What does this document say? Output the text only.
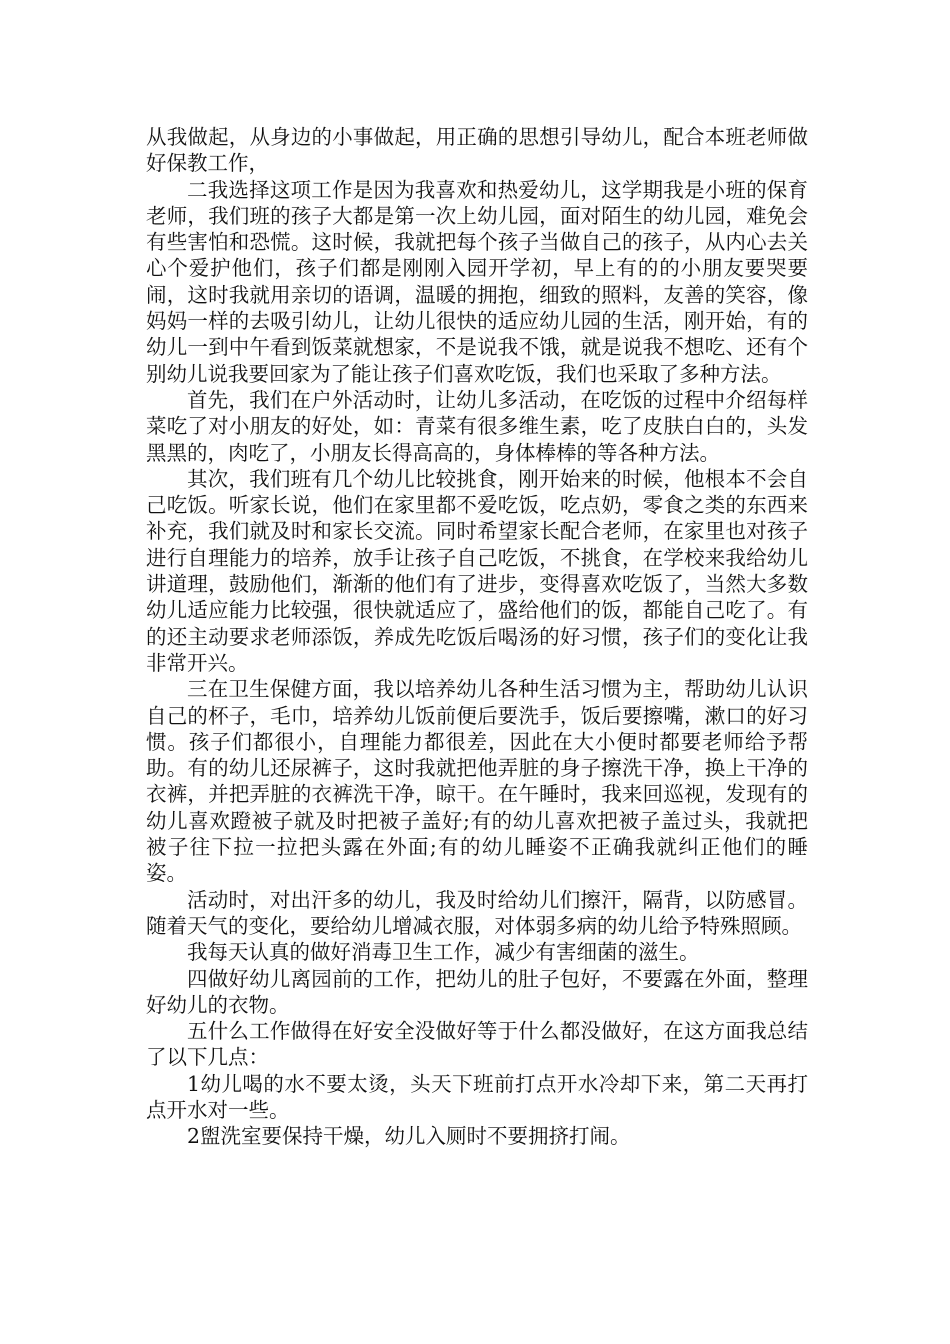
从我做起，从身边的小事做起，用正确的思想引导幼儿，配合本班老师做好保教工作，

二我选择这项工作是因为我喜欢和热爱幼儿，这学期我是小班的保育老师，我们班的孩子大都是第一次上幼儿园，面对陌生的幼儿园，难免会有些害怕和恐慌。这时候，我就把每个孩子当做自己的孩子，从内心去关心个爱护他们，孩子们都是刚刚入园开学初，早上有的的小朋友要哭要闹，这时我就用亲切的语调，温暖的拥抱，细致的照料，友善的笑容，像妈妈一样的去吸引幼儿，让幼儿很快的适应幼儿园的生活，刚开始，有的幼儿一到中午看到饭菜就想家，不是说我不饿，就是说我不想吃、还有个别幼儿说我要回家为了能让孩子们喜欢吃饭，我们也采取了多种方法。

首先，我们在户外活动时，让幼儿多活动，在吃饭的过程中介绍每样菜吃了对小朋友的好处，如：青菜有很多维生素，吃了皮肤白白的，头发黑黑的，肉吃了，小朋友长得高高的，身体棒棒的等各种方法。

其次，我们班有几个幼儿比较挑食，刚开始来的时候，他根本不会自己吃饭。听家长说，他们在家里都不爱吃饭，吃点奶，零食之类的东西来补充，我们就及时和家长交流。同时希望家长配合老师，在家里也对孩子进行自理能力的培养，放手让孩子自己吃饭，不挑食，在学校来我给幼儿讲道理，鼓励他们，渐渐的他们有了进步，变得喜欢吃饭了，当然大多数幼儿适应能力比较强，很快就适应了，盛给他们的饭，都能自己吃了。有的还主动要求老师添饭，养成先吃饭后喝汤的好习惯，孩子们的变化让我非常开兴。

三在卫生保健方面，我以培养幼儿各种生活习惯为主，帮助幼儿认识自己的杯子，毛巾，培养幼儿饭前便后要洗手，饭后要擦嘴，漱口的好习惯。孩子们都很小，自理能力都很差，因此在大小便时都要老师给予帮助。有的幼儿还尿裤子，这时我就把他弄脏的身子擦洗干净，换上干净的衣裤，并把弄脏的衣裤洗干净，晾干。在午睡时，我来回巡视，发现有的幼儿喜欢蹬被子就及时把被子盖好;有的幼儿喜欢把被子盖过头，我就把被子往下拉一拉把头露在外面;有的幼儿睡姿不正确我就纠正他们的睡姿。

活动时，对出汗多的幼儿，我及时给幼儿们擦汗，隔背，以防感冒。随着天气的变化，要给幼儿增减衣服，对体弱多病的幼儿给予特殊照顾。

我每天认真的做好消毒卫生工作，减少有害细菌的滋生。

四做好幼儿离园前的工作，把幼儿的肚子包好，不要露在外面，整理好幼儿的衣物。

五什么工作做得在好安全没做好等于什么都没做好，在这方面我总结了以下几点：

1幼儿喝的水不要太烫，头天下班前打点开水冷却下来，第二天再打点开水对一些。

2盥洗室要保持干燥，幼儿入厕时不要拥挤打闹。
